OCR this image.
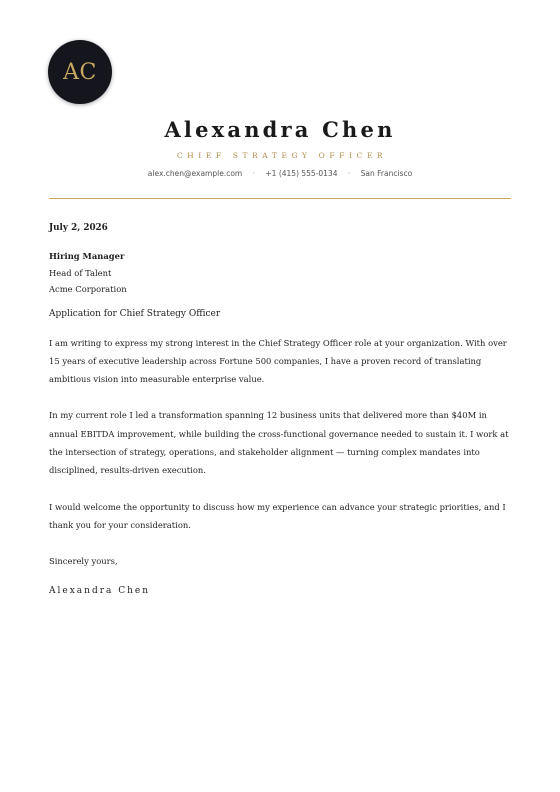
AC
Alexandra Chen
CHIEF STRATEGY OFFICER
alex.chen@example.com · +1 (415) 555-0134 · San Francisco

July 2, 2026

Hiring Manager
Head of Talent
Acme Corporation
Application for Chief Strategy Officer

I am writing to express my strong interest in the Chief Strategy Officer role at your organization. With over 15 years of executive leadership across Fortune 500 companies, I have a proven record of translating ambitious vision into measurable enterprise value.

In my current role I led a transformation spanning 12 business units that delivered more than $40M in annual EBITDA improvement, while building the cross-functional governance needed to sustain it. I work at the intersection of strategy, operations, and stakeholder alignment — turning complex mandates into disciplined, results-driven execution.

I would welcome the opportunity to discuss how my experience can advance your strategic priorities, and I thank you for your consideration.

Sincerely yours,
Alexandra Chen
